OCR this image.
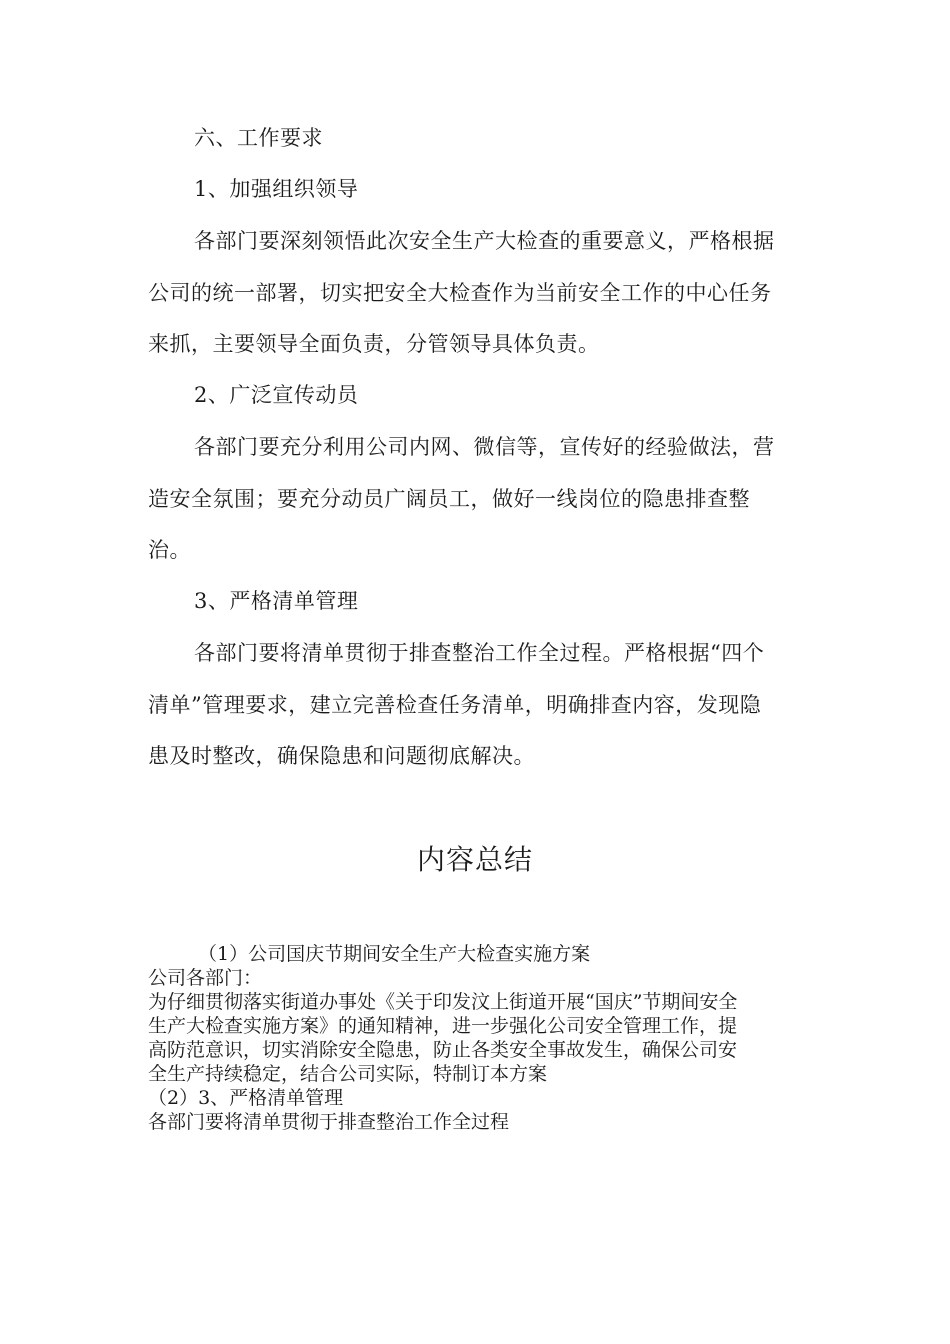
六、工作要求
1、加强组织领导
各部门要深刻领悟此次安全生产大检查的重要意义，严格根据
公司的统一部署，切实把安全大检查作为当前安全工作的中心任务
来抓，主要领导全面负责，分管领导具体负责。
2、广泛宣传动员
各部门要充分利用公司内网、微信等，宣传好的经验做法，营
造安全氛围；要充分动员广阔员工，做好一线岗位的隐患排查整
治。
3、严格清单管理
各部门要将清单贯彻于排查整治工作全过程。严格根据“四个
清单”管理要求，建立完善检查任务清单，明确排查内容，发现隐
患及时整改，确保隐患和问题彻底解决。
内容总结
（1）公司国庆节期间安全生产大检查实施方案
公司各部门：
为仔细贯彻落实街道办事处《关于印发汶上街道开展“国庆”节期间安全
生产大检查实施方案》的通知精神，进一步强化公司安全管理工作，提
高防范意识，切实消除安全隐患，防止各类安全事故发生，确保公司安
全生产持续稳定，结合公司实际，特制订本方案
（2）3、严格清单管理
各部门要将清单贯彻于排查整治工作全过程
